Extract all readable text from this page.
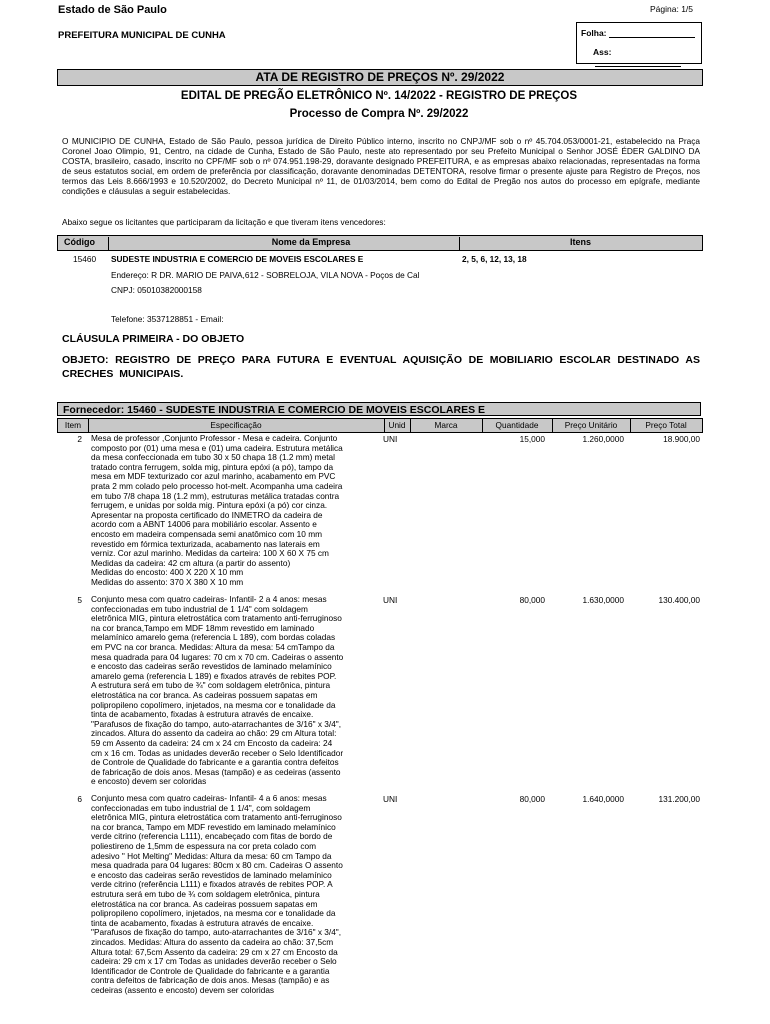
Estado de São Paulo	Página: 1/5
PREFEITURA MUNICIPAL DE CUNHA	Folha:
Ass:
ATA DE REGISTRO DE PREÇOS Nº. 29/2022
EDITAL DE PREGÃO ELETRÔNICO Nº. 14/2022 - REGISTRO DE PREÇOS
Processo de Compra Nº. 29/2022
O MUNICIPIO DE CUNHA, Estado de São Paulo, pessoa jurídica de Direito Público interno, inscrito no CNPJ/MF sob o nº 45.704.053/0001-21, estabelecido na Praça Coronel Joao Olimpio, 91, Centro, na cidade de Cunha, Estado de São Paulo, neste ato representado por seu Prefeito Municipal o Senhor JOSÉ ÉDER GALDINO DA COSTA, brasileiro, casado, inscrito no CPF/MF sob o nº 074.951.198-29, doravante designado PREFEITURA, e as empresas abaixo relacionadas, representadas na forma de seus estatutos social, em ordem de preferência por classificação, doravante denominadas DETENTORA, resolve firmar o presente ajuste para Registro de Preços, nos termos das Leis 8.666/1993 e 10.520/2002, do Decreto Municipal nº 11, de 01/03/2014, bem como do Edital de Pregão nos autos do processo em epígrafe, mediante condições e cláusulas a seguir estabelecidas.
Abaixo segue os licitantes que participaram da licitação e que tiveram itens vencedores:
Código	Nome da Empresa	Itens
15460 SUDESTE INDUSTRIA E COMERCIO DE MOVEIS ESCOLARES E	2, 5, 6, 12, 13, 18
Endereço: R DR. MARIO DE PAIVA,612 - SOBRELOJA, VILA NOVA - Poços de Cal
CNPJ: 05010382000158
Telefone: 3537128851 - Email:
CLÁUSULA PRIMEIRA - DO OBJETO
OBJETO: REGISTRO DE PREÇO PARA FUTURA E EVENTUAL AQUISIÇÃO DE MOBILIARIO ESCOLAR DESTINADO AS CRECHES MUNICIPAIS.
Fornecedor: 15460 - SUDESTE INDUSTRIA E COMERCIO DE MOVEIS ESCOLARES E
Item	Especificação	Unid	Marca	Quantidade	Preço Unitário	Preço Total
2 Mesa de professor ,Conjunto Professor - Mesa e cadeira. Conjunto
composto por (01) uma mesa e (01) uma cadeira. Estrutura metálica
da mesa confeccionada em tubo 30 x 50 chapa 18 (1.2 mm) metal
tratado contra ferrugem, solda mig, pintura epóxi (a pó), tampo da
mesa em MDF texturizado cor azul marinho, acabamento em PVC
prata 2 mm colado pelo processo hot-melt. Acompanha uma cadeira
em tubo 7/8 chapa 18 (1.2 mm), estruturas metálica tratadas contra
ferrugem, e unidas por solda mig. Pintura epóxi (a pó) cor cinza.
Apresentar na proposta certificado do INMETRO da cadeira de
acordo com a ABNT 14006 para mobiliário escolar. Assento e
encosto em madeira compensada semi anatômico com 10 mm
revestido em fórmica texturizada, acabamento nas laterais em
verniz. Cor azul marinho. Medidas da carteira: 100 X 60 X 75 cm
Medidas da cadeira: 42 cm altura (a partir do assento)
Medidas do encosto: 400 X 220 X 10 mm
Medidas do assento: 370 X 380 X 10 mm
UNI	15,000	1.260,0000	18.900,00
5 Conjunto mesa com quatro cadeiras- Infantil- 2 a 4 anos: mesas
confeccionadas em tubo industrial de 1 1/4" com soldagem
eletrônica MIG, pintura eletrostática com tratamento anti-ferruginoso
na cor branca,Tampo em MDF 18mm revestido em laminado
melamínico amarelo gema (referencia L 189), com bordas coladas
em PVC na cor branca. Medidas: Altura da mesa: 54 cmTampo da
mesa quadrada para 04 lugares: 70 cm x 70 cm. Cadeiras o assento
e encosto das cadeiras serão revestidos de laminado melamínico
amarelo gema (referencia L 189) e fixados através de rebites POP.
A estrutura será em tubo de ¾" com soldagem eletrônica, pintura
eletrostática na cor branca. As cadeiras possuem sapatas em
polipropileno copolímero, injetados, na mesma cor e tonalidade da
tinta de acabamento, fixadas à estrutura através de encaixe.
"Parafusos de fixação do tampo, auto-atarrachantes de 3/16" x 3/4",
zincados. Altura do assento da cadeira ao chão: 29 cm Altura total:
59 cm Assento da cadeira: 24 cm x 24 cm Encosto da cadeira: 24
cm x 16 cm. Todas as unidades deverão receber o Selo Identificador
de Controle de Qualidade do fabricante e a garantia contra defeitos
de fabricação de dois anos. Mesas (tampão) e as cedeiras (assento
e encosto) devem ser coloridas
UNI	80,000	1.630,0000	130.400,00
6 Conjunto mesa com quatro cadeiras- Infantil- 4 a 6 anos: mesas
confeccionadas em tubo industrial de 1 1/4", com soldagem
eletrônica MIG, pintura eletrostática com tratamento anti-ferruginoso
na cor branca, Tampo em MDF revestido em laminado melamínico
verde citrino (referencia L111), encabeçado com fitas de bordo de
poliestireno de 1,5mm de espessura na cor preta colado com
adesivo " Hot Melting" Medidas: Altura da mesa: 60 cm Tampo da
mesa quadrada para 04 lugares: 80cm x 80 cm. Cadeiras O assento
e encosto das cadeiras serão revestidos de laminado melamínico
verde citrino (referência L111) e fixados através de rebites POP. A
estrutura será em tubo de ¾ com soldagem eletrônica, pintura
eletrostática na cor branca. As cadeiras possuem sapatas em
polipropileno copolímero, injetados, na mesma cor e tonalidade da
tinta de acabamento, fixadas à estrutura através de encaixe.
"Parafusos de fixação do tampo, auto-atarrachantes de 3/16" x 3/4",
zincados. Medidas: Altura do assento da cadeira ao chão: 37,5cm
Altura total: 67,5cm Assento da cadeira: 29 cm x 27 cm Encosto da
cadeira: 29 cm x 17 cm Todas as unidades deverão receber o Selo
Identificador de Controle de Qualidade do fabricante e a garantia
contra defeitos de fabricação de dois anos. Mesas (tampão) e as
cedeiras (assento e encosto) devem ser coloridas
UNI	80,000	1.640,0000	131.200,00
